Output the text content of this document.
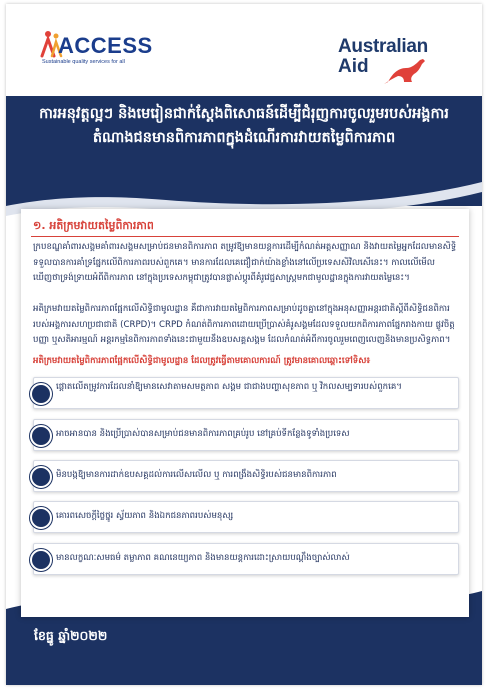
ACCESS
Sustainable quality services for all
Australian
Aid
ការអនុវត្តល្អៗ និងមេរៀនជាក់ស្តែងពិសោធន៍ដើម្បីជំរុញការចូលរួមរបស់អង្គការតំណាងជនមានពិការភាពក្នុងដំណើរការវាយតម្លៃពិការភាព
ខែធ្នូ ឆ្នាំ២០២២
១. អតិក្រមវាយតម្លៃពិការភាព
ក្របខណ្ឌគាំពារសង្គមគាំពារសង្គមសម្រាប់ជនមានពិការភាព តម្រូវឱ្យមានយន្តការដើម្បីកំណត់អត្តសញ្ញាណ និងវាយតម្លៃអ្នកដែលមានសិទ្ធិទទួលបានការគាំទ្រផ្នែកលើពិការភាពរបស់ពួកគេ។ មានការដែលគេជឿជាក់យ៉ាងខ្លាំងនៅលើប្រទេសសិវិលសើនេះ។ កាលលើមើលឃើញថាទ្រង់ទ្រាយអំពីពិការភាព នៅក្នុងប្រទេសកម្ពុជាត្រូវបានផ្លាស់ប្តូរពីគំរូវេជ្ជសាស្ត្រមកជាមូលដ្ឋានក្នុងការវាយតម្លៃនេះ។
អតិក្រមវាយតម្លៃពិការភាពផ្អែកលើសិទ្ធិជាមូលដ្ឋាន គឺជាការវាយតម្លៃពិការភាពសម្រាប់ដូចគ្នានៅក្នុងអនុសញ្ញាអន្តរជាតិស្តីពីសិទ្ធិជនពិការ របស់អង្គការសហប្រជាជាតិ (CRPD)។ CRPD កំណត់ពិការភាពដោយប្រើប្រាស់គំរូសង្គមដែលទទួលយកពិការភាពផ្នែករាងកាយ ផ្លូវចិត្ត បញ្ញា ឬសតិអារម្មណ៍ អន្តរកម្មនៃពិការភាពទាំងនេះជាមួយនឹងឧបសគ្គសង្គម ដែលកំណត់អំពីការចូលរួមពេញលេញនិងមានប្រសិទ្ធភាព។
អតិក្រមវាយតម្លៃពិការភាពផ្អែកលើសិទ្ធិជាមូលដ្ឋាន ដែលត្រូវធ្វើតាមគោលការណ៍ ត្រូវមានគោលឆ្ពោះទៅទិស៖
ផ្តោតលើតម្រូវការដែលនាំឱ្យមានសេវាតាមសមត្ថភាព សង្គម ជាជាងបញ្ហាសុខភាព ឬ វិកលសម្បទារបស់ពួកគេ។
អាចអានបាន និងប្រើប្រាស់បានសម្រាប់ជនមានពិការភាពគ្រប់រូប នៅគ្រប់ទីកន្លែងទូទាំងប្រទេស
មិនបង្កឱ្យមានការដាក់ឧបសគ្គដល់ការលើសលើល ឬ ការពង្រឹងសិទ្ធិរបស់ជនមានពិការភាព
គោរពសេចក្តីថ្លៃថ្នូរ ស្វ័យភាព និងឯកជនភាពរបស់មនុស្ស
មានលក្ខណៈសមធម៌ តម្លាភាព គណនេយ្យភាព និងមានយន្តការដោះស្រាយបណ្តឹងច្បាស់លាស់
